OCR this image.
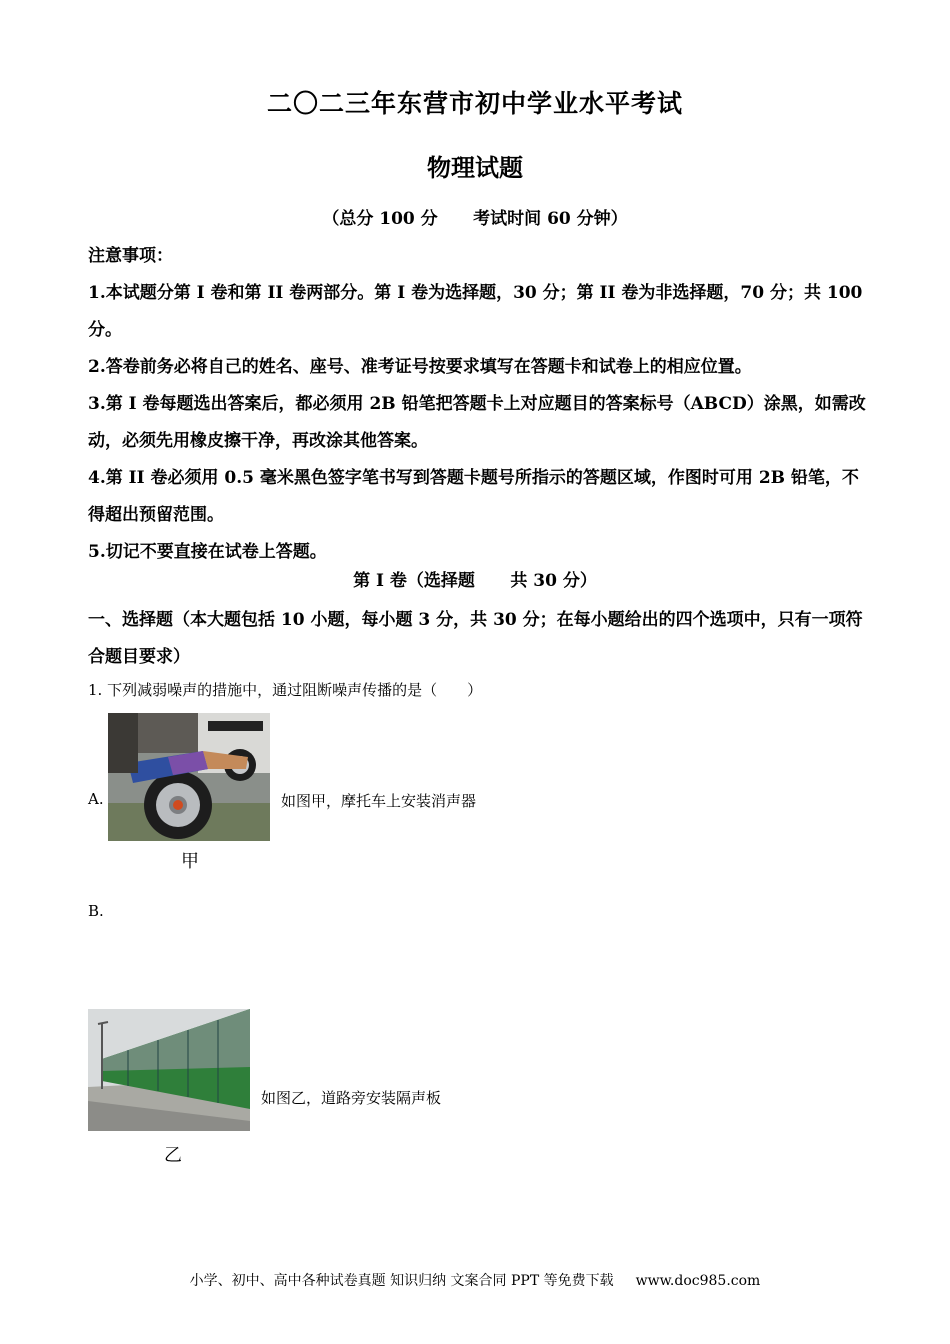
二〇二三年东营市初中学业水平考试
物理试题
（总分 100 分      考试时间 60 分钟）

注意事项：

1.本试题分第 I 卷和第 II 卷两部分。第 I 卷为选择题，30 分；第 II 卷为非选择题，70 分；共 100 分。

2.答卷前务必将自己的姓名、座号、准考证号按要求填写在答题卡和试卷上的相应位置。

3.第 I 卷每题选出答案后，都必须用 2B 铅笔把答题卡上对应题目的答案标号（ABCD）涂黑，如需改动，必须先用橡皮擦干净，再改涂其他答案。

4.第 II 卷必须用 0.5 毫米黑色签字笔书写到答题卡题号所指示的答题区域，作图时可用 2B 铅笔，不得超出预留范围。

5.切记不要直接在试卷上答题。

第 I 卷（选择题      共 30 分）
一、选择题（本大题包括 10 小题，每小题 3 分，共 30 分；在每小题给出的四个选项中，只有一项符合题目要求）
1. 下列减弱噪声的措施中，通过阻断噪声传播的是（　　）
A.
甲
如图甲，摩托车上安装消声器
B.
乙
如图乙，道路旁安装隔声板
小学、初中、高中各种试卷真题 知识归纳 文案合同 PPT 等免费下载 www.doc985.com
